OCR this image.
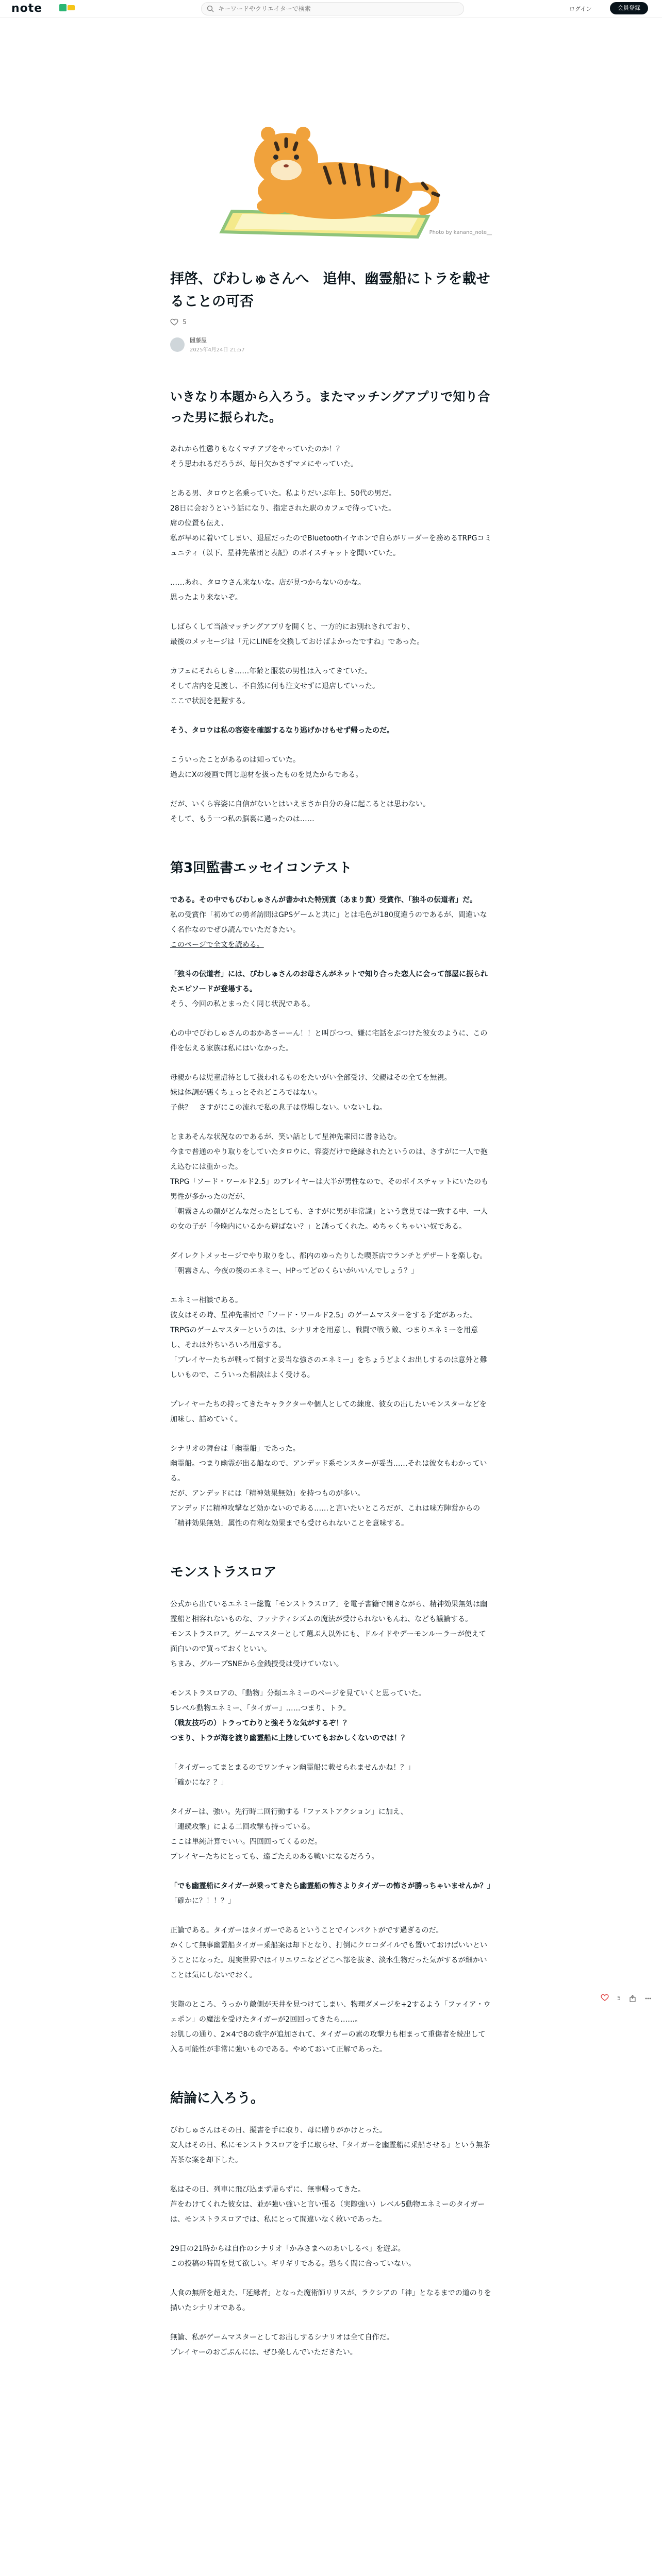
note
キーワードやクリエイターで検索	ログイン	会員登録
Photo by kanano_note__
拝啓、ぴわしゅさんへ　追伸、幽霊船にトラを載せることの可否
5
闇藤屋
2025年4月24日 21:57
いきなり本題から入ろう。またマッチングアプリで知り合った男に振られた。
あれから性懲りもなくマチアプをやっていたのか！？
そう思われるだろうが、毎日欠かさずマメにやっていた。
とある男、タロウと名乗っていた。私よりだいぶ年上、50代の男だ。
28日に会おうという話になり、指定された駅のカフェで待っていた。
席の位置も伝え、
私が早めに着いてしまい、退屈だったのでBluetoothイヤホンで自らがリーダーを務めるTRPGコミュニティ（以下、星神先輩団と表記）のボイスチャットを聞いていた。
……あれ、タロウさん来ないな。店が見つからないのかな。
思ったより来ないぞ。
しばらくして当該マッチングアプリを開くと、一方的にお別れされており、
最後のメッセージは「元にLINEを交換しておけばよかったですね」であった。
カフェにそれらしき……年齢と服装の男性は入ってきていた。
そして店内を見渡し、不自然に何も注文せずに退店していった。
ここで状況を把握する。
そう、タロウは私の容姿を確認するなり逃げかけもせず帰ったのだ。
こういったことがあるのは知っていた。
過去にXの漫画で同じ題材を扱ったものを見たからである。
だが、いくら容姿に自信がないとはいえまさか自分の身に起こるとは思わない。
そして、もう一つ私の脳裏に過ったのは……
第3回監書エッセイコンテスト
である。その中でもぴわしゅさんが書かれた特別賞（あまり賞）受賞作、「独斗の伝道者」だ。
私の受賞作「初めての勇者訪問はGPSゲームと共に」とは毛色が180度違うのであるが、間違いなく名作なのでぜひ読んでいただきたい。
このページで全文を読める。
「独斗の伝道者」には、ぴわしゅさんのお母さんがネットで知り合った恋人に会って部屋に振られたエピソードが登場する。
そう、今回の私とまったく同じ状況である。
心の中でぴわしゅさんのおかあさーーん！！と叫びつつ、嫌に宅話をぶつけた彼女のように、この件を伝える家族は私にはいなかった。
母親からは児童虐待として扱われるものをたいがい全部受け、父親はその全てを無視。
妹は体調が悪くちょっとそれどころではない。
子供？　さすがにこの流れで私の息子は登場しない。いないしね。
とまあそんな状況なのであるが、笑い話として星神先輩団に書き込む。
今まで普通のやり取りをしていたタロウに、容姿だけで絶縁されたというのは、さすがに一人で抱え込むには重かった。
TRPG「ソード・ワールド2.5」のプレイヤーは大半が男性なので、そのポイスチャットにいたのも男性が多かったのだが、
「朝霧さんの顔がどんなだったとしても、さすがに男が非常識」という意見では一致する中、一人の女の子が「今晩内にいるから遊ばない？」と誘ってくれた。めちゃくちゃいい奴である。
ダイレクトメッセージでやり取りをし、都内のゆったりした喫茶店でランチとデザートを楽しむ。
「朝霧さん、今夜の後のエネミー、HPってどのくらいがいいんでしょう？」
エネミー相談である。
彼女はその時、星神先輩団で「ソード・ワールド2.5」のゲームマスターをする予定があった。
TRPGのゲームマスターというのは、シナリオを用意し、戦闘で戦う敵、つまりエネミーを用意し、それは外ちいろいろ用意する。
「プレイヤーたちが戦って倒すと妥当な強さのエネミー」をちょうどよくお出しするのは意外と難しいもので、こういった相談はよく受ける。
プレイヤーたちの持ってきたキャラクターや個人としての練度、彼女の出したいモンスターなどを加味し、詰めていく。
シナリオの舞台は「幽霊船」であった。
幽霊船。つまり幽霊が出る船なので、アンデッド系モンスターが妥当……それは彼女もわかっている。
だが、アンデッドには「精神効果無効」を持つものが多い。
アンデッドに精神攻撃など効かないのである……と言いたいところだが、これは味方陣営からの「精神効果無効」属性の有利な効果までも受けられないことを意味する。
モンストラスロア
公式から出ているエネミー総覧「モンストラスロア」を電子書籍で開きながら、精神効果無効は幽霊船と相容れないものな、ファナティシズムの魔法が受けられないもんね、なども議論する。
モンストラスロア。ゲームマスターとして選ぶ人以外にも、ドルイドやデーモンルーラーが使えて面白いので買っておくといい。
ちまみ、グループSNEから金銭授受は受けていない。
モンストラスロアの、「動物」分類エネミーのページを見ていくと思っていた。
5レベル動物エネミー、「タイガー」……つまり、トラ。
（戦友技巧の）トラってわりと強そうな気がするぞ！？
つまり、トラが海を渡り幽霊船に上陸していてもおかしくないのでは！？
「タイガーってまとまるのでワンチャン幽霊船に載せられませんかね！？」
「確かにな？？」
タイガーは、強い。先行時二回行動する「ファストアクション」に加え、
「連続攻撃」による二回攻撃も持っている。
ここは単純計算でいい。四回回ってくるのだ。
プレイヤーたちにとっても、遠ごたえのある戦いになるだろう。
「でも幽霊船にタイガーが乗ってきたら幽霊船の怖さよりタイガーの怖さが勝っちゃいませんか？」
「確かに？！！？」
正論である。タイガーはタイガーであるということでインパクトがです過ぎるのだ。
かくして無事幽霊船タイガー乗船案は却下となり、打倒にクロコダイルでも置いておけばいいということになった。現実世界ではイリエワニなどどこへ部を抜き、淡水生物だった気がするが細かいことは気にしないでおく。
実際のところ、うっかり敵側が天井を見つけてしまい、物理ダメージを+2するよう「ファイア・ウェポン」の魔法を受けたタイガーが2回回ってきたら……。
お肌しの通り、2×4で8の数字が追加されて、タイガーの素の攻撃力も相まって重傷者を続出して入る可能性が非常に強いものである。やめておいて正解であった。
結論に入ろう。
ぴわしゅさんはその日、擬書を手に取り、母に贈りがかけとった。
友人はその日、私にモンストラスロアを手に取らせ、「タイガーを幽霊船に乗船させる」という無茶苦茶な案を却下した。
私はその日、列車に飛び込まず帰らずに、無事帰ってきた。
芦をわけてくれた彼女は、並が強い強いと言い張る（実際強い）レベル5動物エネミーのタイガーは、モンストラスロアでは、私にとって間違いなく救いであった。
29日の21時からは自作のシナリオ「かみさまへのあいしるべ」を遊ぶ。
この投稿の時間を見て欲しい。ギリギリである。恐らく間に合っていない。
人食の無所を超えた、「延縁者」となった魔術師リリスが、ラクシアの「神」となるまでの道のりを描いたシナリオである。
無論、私がゲームマスターとしてお出しするシナリオは全て自作だ。
プレイヤーのおごぶんには、ぜひ楽しんでいただきたい。
5
